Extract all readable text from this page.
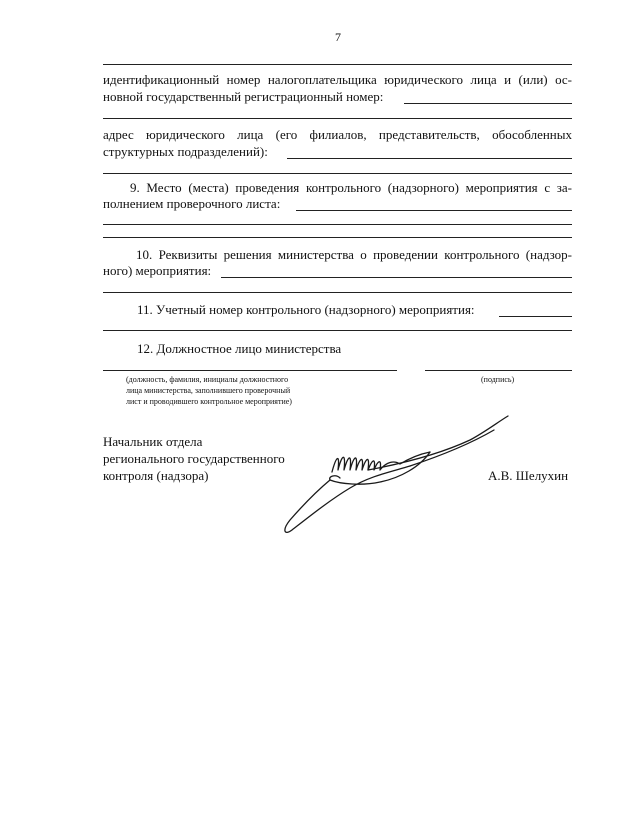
7
идентификационный номер налогоплательщика юридического лица и (или) ос-
новной государственный регистрационный номер:
адрес юридического лица (его филиалов, представительств, обособленных
структурных подразделений):
9. Место (места) проведения контрольного (надзорного) мероприятия с за-
полнением проверочного листа:
10. Реквизиты решения министерства о проведении контрольного (надзор-
ного) мероприятия:
11. Учетный номер контрольного (надзорного) мероприятия:
12. Должностное лицо министерства
(должность, фамилия, инициалы должностного
лица министерства, заполнившего проверочный
лист и проводившего контрольное мероприятие)
(подпись)
Начальник отдела
регионального государственного
контроля (надзора)	А.В. Шелухин
